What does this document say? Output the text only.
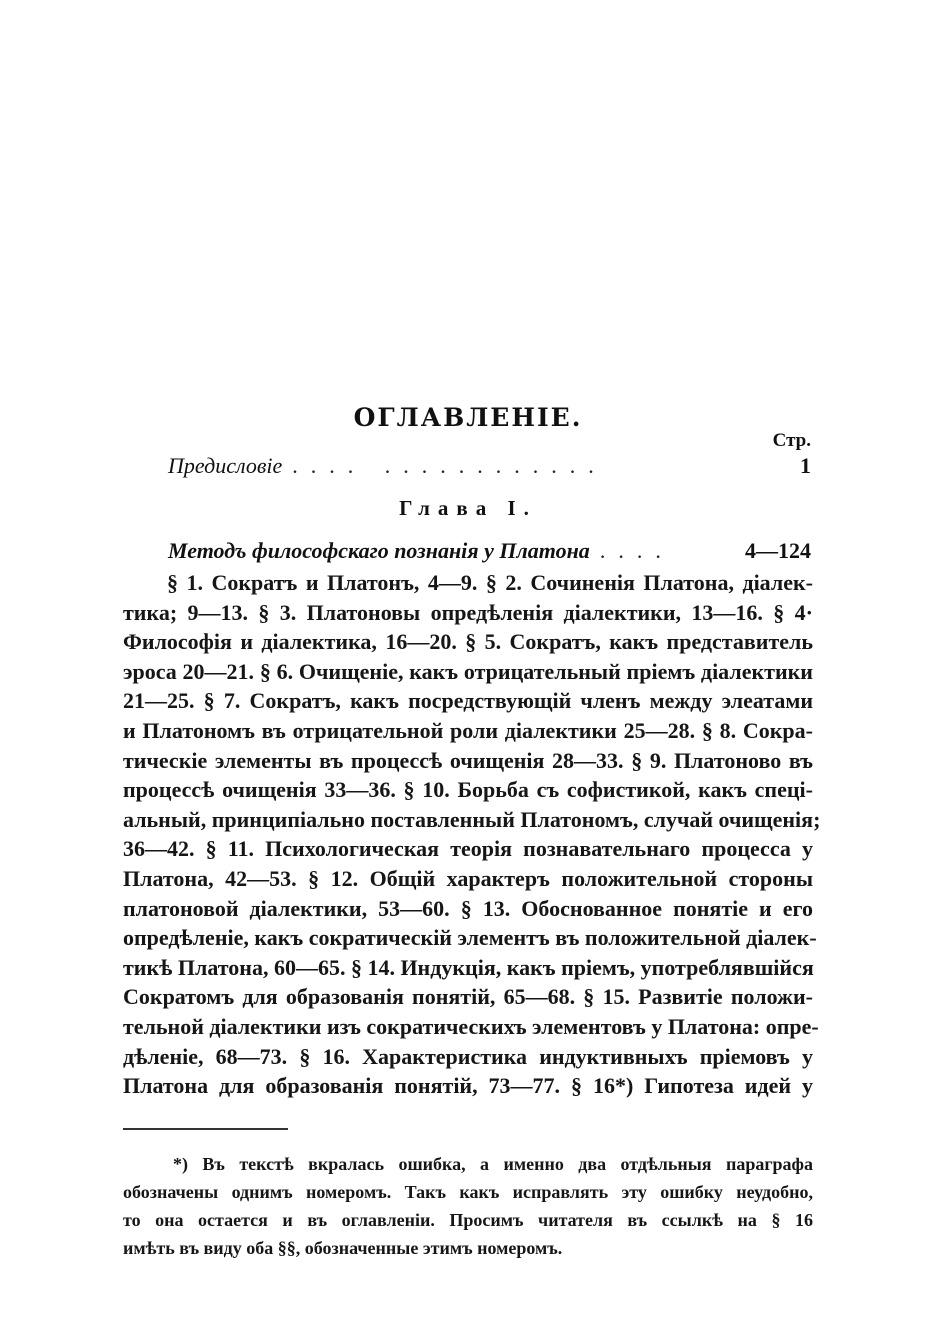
ОГЛАВЛЕНІЕ.
Стр.
Предисловіе .... ............	1
Глава I.
Методъ философскаго познанія у Платона ....	4—124
§ 1. Сократъ и Платонъ, 4—9. § 2. Сочиненія Платона, діалек-
тика; 9—13. § 3. Платоновы опредѣленія діалектики, 13—16. § 4·
Философія и діалектика, 16—20. § 5. Сократъ, какъ представитель
эроса 20—21. § 6. Очищеніе, какъ отрицательный пріемъ діалектики
21—25. § 7. Сократъ, какъ посредствующій членъ между элеатами
и Платономъ въ отрицательной роли діалектики 25—28. § 8. Сокра-
тическіе элементы въ процессѣ очищенія 28—33. § 9. Платоново въ
процессѣ очищенія 33—36. § 10. Борьба съ софистикой, какъ спеці-
альный, принципіально поставленный Платономъ, случай очищенія;
36—42. § 11. Психологическая теорія познавательнаго процесса у
Платона, 42—53. § 12. Общій характеръ положительной стороны
платоновой діалектики, 53—60. § 13. Обоснованное понятіе и его
опредѣленіе, какъ сократическій элементъ въ положительной діалек-
тикѣ Платона, 60—65. § 14. Индукція, какъ пріемъ, употреблявшійся
Сократомъ для образованія понятій, 65—68. § 15. Развитіе положи-
тельной діалектики изъ сократическихъ элементовъ у Платона: опре-
дѣленіе, 68—73. § 16. Характеристика индуктивныхъ пріемовъ у
Платона для образованія понятій, 73—77. § 16*) Гипотеза идей у
*) Въ текстѣ вкралась ошибка, а именно два отдѣльныя параграфа
обозначены однимъ номеромъ. Такъ какъ исправлять эту ошибку неудобно,
то она остается и въ оглавленіи. Просимъ читателя въ ссылкѣ на § 16
имѣть въ виду оба §§, обозначенные этимъ номеромъ.
